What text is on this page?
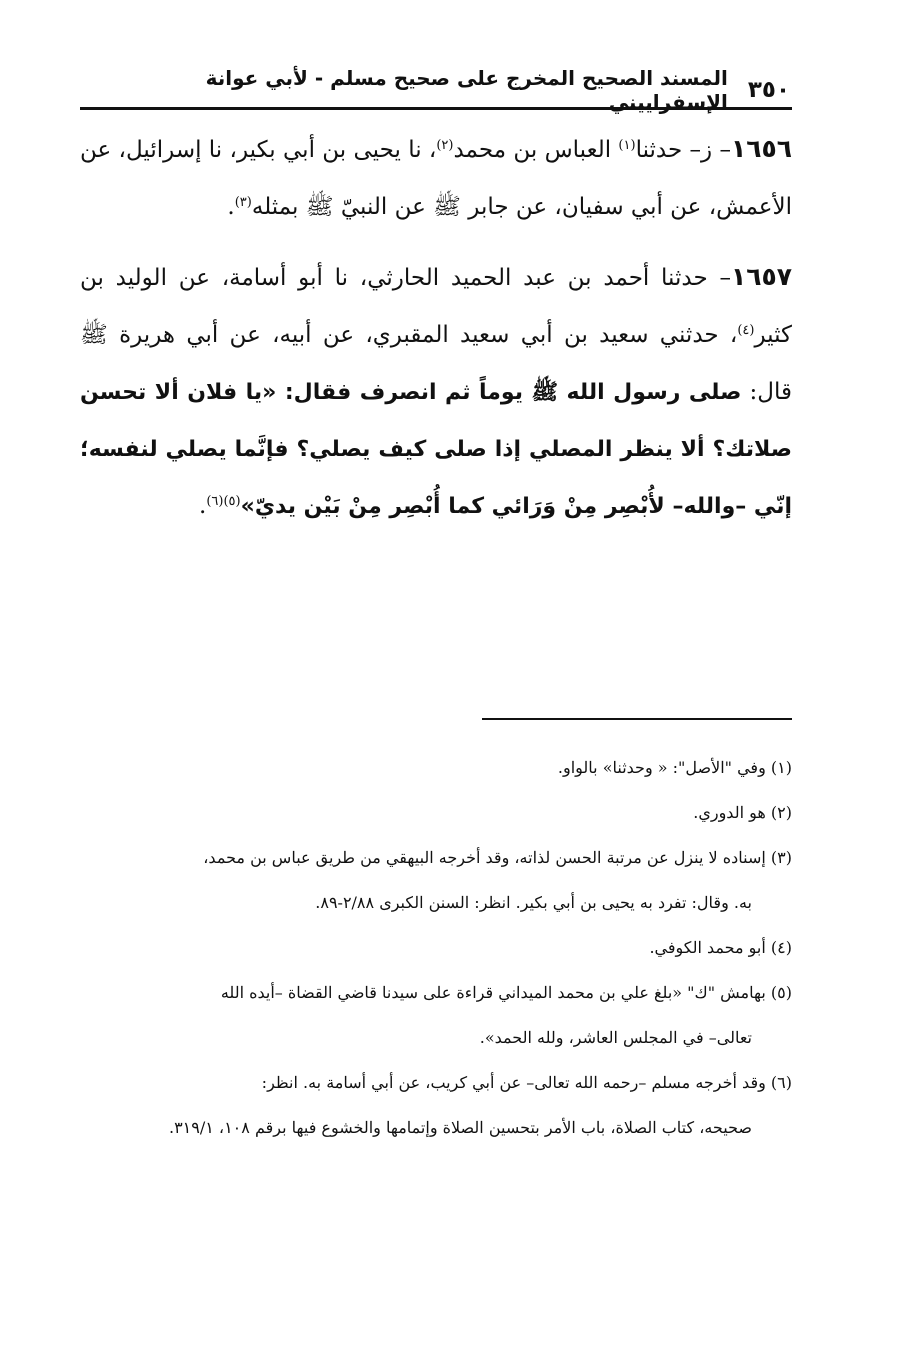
٣٥٠
المسند الصحيح المخرج على صحيح مسلم - لأبي عوانة الإسفراييني

١٦٥٦– ز– حدثنا$^{(١)}$ العباس بن محمد$^{(٢)}$، نا يحيى بن أبي بكير، نا إسرائيل، عن الأعمش، عن أبي سفيان، عن جابر ﷺ عن النبيّ ﷺ بمثله$^{(٣)}$.

١٦٥٧– حدثنا أحمد بن عبد الحميد الحارثي، نا أبو أسامة، عن الوليد بن كثير$^{(٤)}$، حدثني سعيد بن أبي سعيد المقبري، عن أبيه، عن أبي هريرة ﷺ قال: صلى رسول الله ﷺ يوماً ثم انصرف فقال: «يا فلان ألا تحسن صلاتك؟ ألا ينظر المصلي إذا صلى كيف يصلي؟ فإنَّما يصلي لنفسه؛ إنّي –والله– لأُبْصِر مِنْ وَرَائي كما أُبْصِر مِنْ بَيْن يديّ»$^{(٥)(٦)}$.

(١) وفي "الأصل": « وحدثنا» بالواو.
(٢) هو الدوري.
(٣) إسناده لا ينزل عن مرتبة الحسن لذاته، وقد أخرجه البيهقي من طريق عباس بن محمد،
به. وقال: تفرد به يحيى بن أبي بكير. انظر: السنن الكبرى ٢/٨٨-٨٩.
(٤) أبو محمد الكوفي.
(٥) بهامش "ك" «بلغ علي بن محمد الميداني قراءة على سيدنا قاضي القضاة –أيده الله
تعالى– في المجلس العاشر، ولله الحمد».
(٦) وقد أخرجه مسلم –رحمه الله تعالى– عن أبي كريب، عن أبي أسامة به. انظر:
صحيحه، كتاب الصلاة، باب الأمر بتحسين الصلاة وإتمامها والخشوع فيها برقم ١٠٨، ٣١٩/١.
